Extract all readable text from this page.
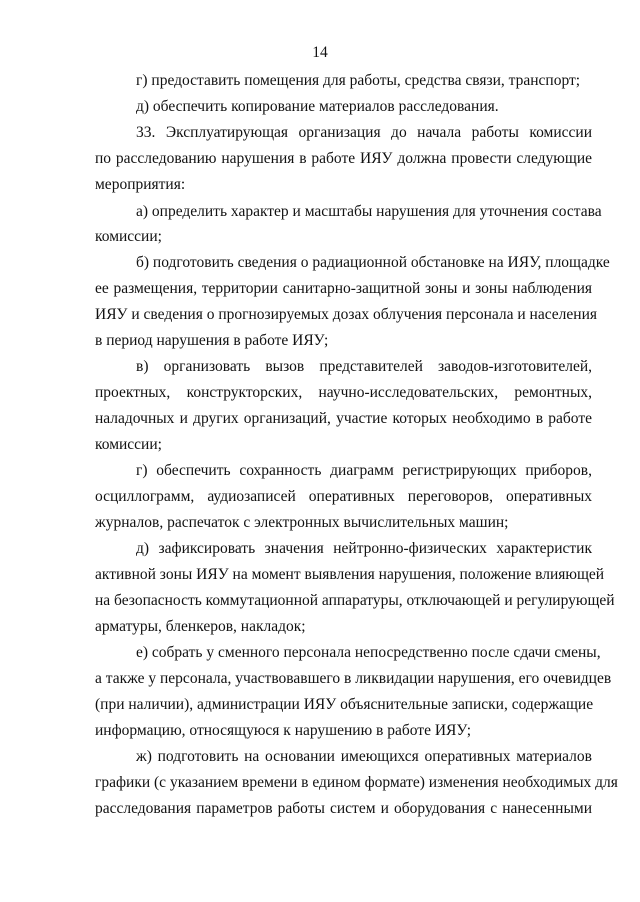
14
г) предоставить помещения для работы, средства связи, транспорт;
д) обеспечить копирование материалов расследования.
33. Эксплуатирующая организация до начала работы комиссии
по расследованию нарушения в работе ИЯУ должна провести следующие
мероприятия:
а) определить характер и масштабы нарушения для уточнения состава
комиссии;
б) подготовить сведения о радиационной обстановке на ИЯУ, площадке
ее размещения, территории санитарно-защитной зоны и зоны наблюдения
ИЯУ и сведения о прогнозируемых дозах облучения персонала и населения
в период нарушения в работе ИЯУ;
в) организовать вызов представителей заводов-изготовителей,
проектных, конструкторских, научно-исследовательских, ремонтных,
наладочных и других организаций, участие которых необходимо в работе
комиссии;
г) обеспечить сохранность диаграмм регистрирующих приборов,
осциллограмм, аудиозаписей оперативных переговоров, оперативных
журналов, распечаток с электронных вычислительных машин;
д) зафиксировать значения нейтронно-физических характеристик
активной зоны ИЯУ на момент выявления нарушения, положение влияющей
на безопасность коммутационной аппаратуры, отключающей и регулирующей
арматуры, бленкеров, накладок;
е) собрать у сменного персонала непосредственно после сдачи смены,
а также у персонала, участвовавшего в ликвидации нарушения, его очевидцев
(при наличии), администрации ИЯУ объяснительные записки, содержащие
информацию, относящуюся к нарушению в работе ИЯУ;
ж) подготовить на основании имеющихся оперативных материалов
графики (с указанием времени в едином формате) изменения необходимых для
расследования параметров работы систем и оборудования с нанесенными
